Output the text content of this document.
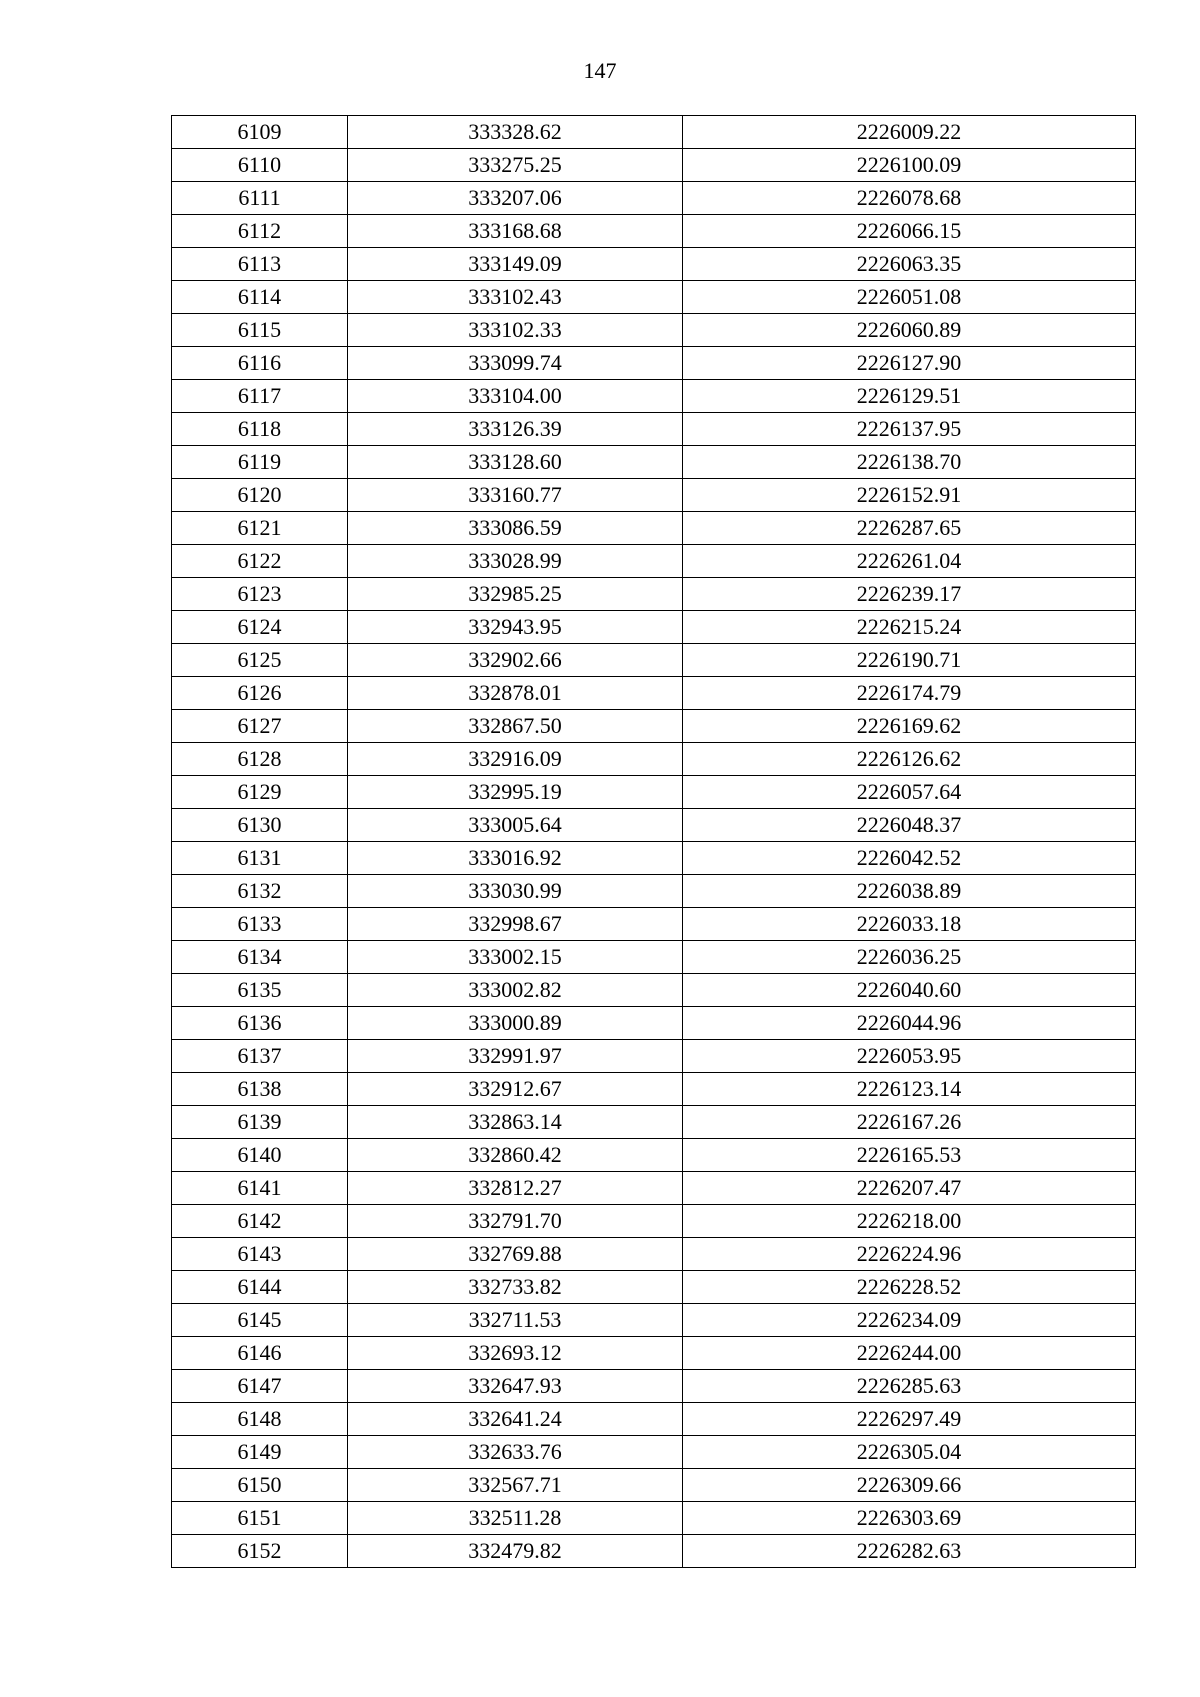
147
6109	333328.62	2226009.22
6110	333275.25	2226100.09
6111	333207.06	2226078.68
6112	333168.68	2226066.15
6113	333149.09	2226063.35
6114	333102.43	2226051.08
6115	333102.33	2226060.89
6116	333099.74	2226127.90
6117	333104.00	2226129.51
6118	333126.39	2226137.95
6119	333128.60	2226138.70
6120	333160.77	2226152.91
6121	333086.59	2226287.65
6122	333028.99	2226261.04
6123	332985.25	2226239.17
6124	332943.95	2226215.24
6125	332902.66	2226190.71
6126	332878.01	2226174.79
6127	332867.50	2226169.62
6128	332916.09	2226126.62
6129	332995.19	2226057.64
6130	333005.64	2226048.37
6131	333016.92	2226042.52
6132	333030.99	2226038.89
6133	332998.67	2226033.18
6134	333002.15	2226036.25
6135	333002.82	2226040.60
6136	333000.89	2226044.96
6137	332991.97	2226053.95
6138	332912.67	2226123.14
6139	332863.14	2226167.26
6140	332860.42	2226165.53
6141	332812.27	2226207.47
6142	332791.70	2226218.00
6143	332769.88	2226224.96
6144	332733.82	2226228.52
6145	332711.53	2226234.09
6146	332693.12	2226244.00
6147	332647.93	2226285.63
6148	332641.24	2226297.49
6149	332633.76	2226305.04
6150	332567.71	2226309.66
6151	332511.28	2226303.69
6152	332479.82	2226282.63
